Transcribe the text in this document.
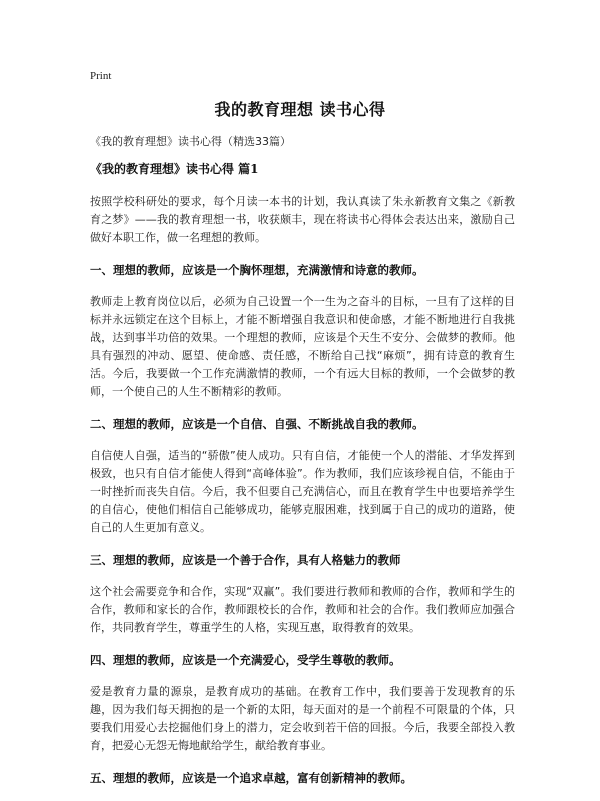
Print
我的教育理想 读书心得
《我的教育理想》读书心得（精选33篇）
《我的教育理想》读书心得 篇1

按照学校科研处的要求，每个月读一本书的计划，我认真读了朱永新教育文集之《新教育之梦》——我的教育理想一书，收获颇丰，现在将读书心得体会表达出来，激励自己做好本职工作，做一名理想的教师。

一、理想的教师，应该是一个胸怀理想，充满激情和诗意的教师。

教师走上教育岗位以后，必须为自己设置一个一生为之奋斗的目标，一旦有了这样的目标并永远锁定在这个目标上，才能不断增强自我意识和使命感，才能不断地进行自我挑战，达到事半功倍的效果。一个理想的教师，应该是个天生不安分、会做梦的教师。他具有强烈的冲动、愿望、使命感、责任感，不断给自己找“麻烦”，拥有诗意的教育生活。今后，我要做一个工作充满激情的教师，一个有远大目标的教师，一个会做梦的教师，一个使自己的人生不断精彩的教师。

二、理想的教师，应该是一个自信、自强、不断挑战自我的教师。

自信使人自强，适当的“骄傲”使人成功。只有自信，才能使一个人的潜能、才华发挥到极致，也只有自信才能使人得到“高峰体验”。作为教师，我们应该珍视自信，不能由于一时挫折而丧失自信。今后，我不但要自己充满信心，而且在教育学生中也要培养学生的自信心，使他们相信自己能够成功，能够克服困难，找到属于自己的成功的道路，使自己的人生更加有意义。

三、理想的教师，应该是一个善于合作，具有人格魅力的教师

这个社会需要竞争和合作，实现“双赢”。我们要进行教师和教师的合作，教师和学生的合作，教师和家长的合作，教师跟校长的合作，教师和社会的合作。我们教师应加强合作，共同教育学生，尊重学生的人格，实现互惠，取得教育的效果。

四、理想的教师，应该是一个充满爱心，受学生尊敬的教师。

爱是教育力量的源泉，是教育成功的基础。在教育工作中，我们要善于发现教育的乐趣，因为我们每天拥抱的是一个新的太阳，每天面对的是一个前程不可限量的个体，只要我们用爱心去挖掘他们身上的潜力，定会收到若干倍的回报。今后，我要全部投入教育，把爱心无怨无悔地献给学生，献给教育事业。

五、理想的教师，应该是一个追求卓越，富有创新精神的教师。
